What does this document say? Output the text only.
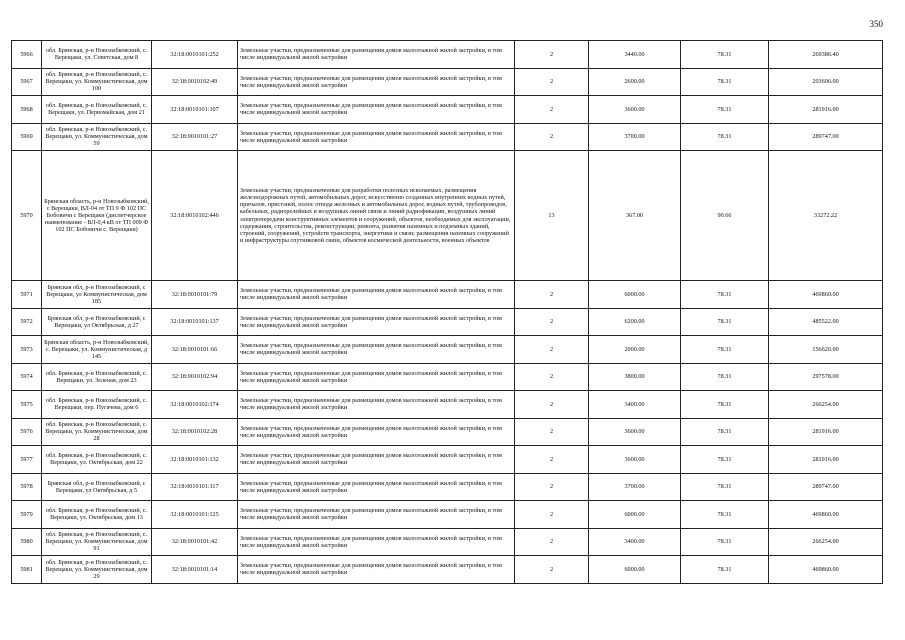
350
5966	обл. Брянская, р-н Новозыбковский, с. Верещаки, ул. Советская, дом 8	32:18:0010101:252	Земельные участки, предназначенные для размещения домов малоэтажной жилой застройки, в том числе индивидуальной жилой застройки	2	3440.00	78.31	269386.40
5967	обл. Брянская, р-н Новозыбковский, с. Верещаки, ул. Коммунистическая, дом 100	32:18:0010102:49	Земельные участки, предназначенные для размещения домов малоэтажной жилой застройки, в том числе индивидуальной жилой застройки	2	2600.00	78.31	203606.00
5968	обл. Брянская, р-н Новозыбковский, с. Верещаки, ул. Первомайская, дом 21	32:18:0010101:107	Земельные участки, предназначенные для размещения домов малоэтажной жилой застройки, в том числе индивидуальной жилой застройки	2	3600.00	78.31	281916.00
5969	обл. Брянская, р-н Новозыбковский, с. Верещаки, ул. Коммунистическая, дом 59	32:18:0010101:27	Земельные участки, предназначенные для размещения домов малоэтажной жилой застройки, в том числе индивидуальной жилой застройки	2	3700.00	78.31	289747.00
5970	Брянская область, р-н Новозыбковский, с Верещаки, ВЛ-04 от ТП 9 Ф 102 ПС Бобовичи с Верещаки (диспетчерское наименование - ВЛ-0,4 кВ от ТП 009 Ф 102 ПС Бобовичи с. Верещаки)	32:18:0010102:446	Земельные участки, предназначенные для разработки полезных ископаемых, размещения железнодорожных путей, автомобильных дорог, искусственно созданных внутренних водных путей, причалов, пристаней, полос отвода железных и автомобильных дорог, водных путей, трубопроводов, кабельных, радиорелейных и воздушных линий связи и линий радиофикации, воздушных линий электропередачи конструктивных элементов и сооружений, объектов, необходимых для эксплуатации, содержания, строительства, реконструкции, ремонта, развития наземных и подземных зданий, строений, сооружений, устройств транспорта, энергетики и связи; размещения наземных сооружений и инфраструктуры спутниковой связи, объектов космической деятельности, военных объектов	13	367.00	90.66	33272.22
5971	Брянская обл, р-н Новозыбковский, с Верещаки, ул Коммунистическая, дом 185	32:18:0010101:79	Земельные участки, предназначенные для размещения домов малоэтажной жилой застройки, в том числе индивидуальной жилой застройки	2	6000.00	78.31	469860.00
5972	Брянская обл, р-н Новозыбковский, с Верещаки, ул Октябрьская, д 27	32:18:0010101:137	Земельные участки, предназначенные для размещения домов малоэтажной жилой застройки, в том числе индивидуальной жилой застройки	2	6200.00	78.31	485522.00
5973	Брянская область, р-н Новозыбковский, с. Верещаки, ул. Коммунистическая, д 145	32:18:0010101:66	Земельные участки, предназначенные для размещения домов малоэтажной жилой застройки, в том числе индивидуальной жилой застройки	2	2000.00	78.31	156620.00
5974	обл. Брянская, р-н Новозыбковский, с. Верещаки, ул. Зеленая, дом 23	32:18:0010102:94	Земельные участки, предназначенные для размещения домов малоэтажной жилой застройки, в том числе индивидуальной жилой застройки	2	3800.00	78.31	297578.00
5975	обл. Брянская, р-н Новозыбковский, с. Верещаки, пер. Пугачева, дом 6	32:18:0010102:174	Земельные участки, предназначенные для размещения домов малоэтажной жилой застройки, в том числе индивидуальной жилой застройки	2	3400.00	78.31	266254.00
5976	обл. Брянская, р-н Новозыбковский, с. Верещаки, ул. Коммунистическая, дом 28	32:18:0010102:28	Земельные участки, предназначенные для размещения домов малоэтажной жилой застройки, в том числе индивидуальной жилой застройки	2	3600.00	78.31	281916.00
5977	обл. Брянская, р-н Новозыбковский, с. Верещаки, ул. Октябрьская, дом 22	32:18:0010101:132	Земельные участки, предназначенные для размещения домов малоэтажной жилой застройки, в том числе индивидуальной жилой застройки	2	3600.00	78.31	281916.00
5978	Брянская обл, р-н Новозыбковский, с Верещаки, ул Октябрьская, д 5	32:18:0010101:117	Земельные участки, предназначенные для размещения домов малоэтажной жилой застройки, в том числе индивидуальной жилой застройки	2	3700.00	78.31	289747.00
5979	обл. Брянская, р-н Новозыбковский, с. Верещаки, ул. Октябрьская, дом 13	32:18:0010101:125	Земельные участки, предназначенные для размещения домов малоэтажной жилой застройки, в том числе индивидуальной жилой застройки	2	6000.00	78.31	469860.00
5980	обл. Брянская, р-н Новозыбковский, с. Верещаки, ул. Коммунистическая, дом 91	32:18:0010101:42	Земельные участки, предназначенные для размещения домов малоэтажной жилой застройки, в том числе индивидуальной жилой застройки	2	3400.00	78.31	266254.00
5981	обл. Брянская, р-н Новозыбковский, с. Верещаки, ул. Коммунистическая, дом 29	32:18:0010101:14	Земельные участки, предназначенные для размещения домов малоэтажной жилой застройки, в том числе индивидуальной жилой застройки	2	6000.00	78.31	469860.00
